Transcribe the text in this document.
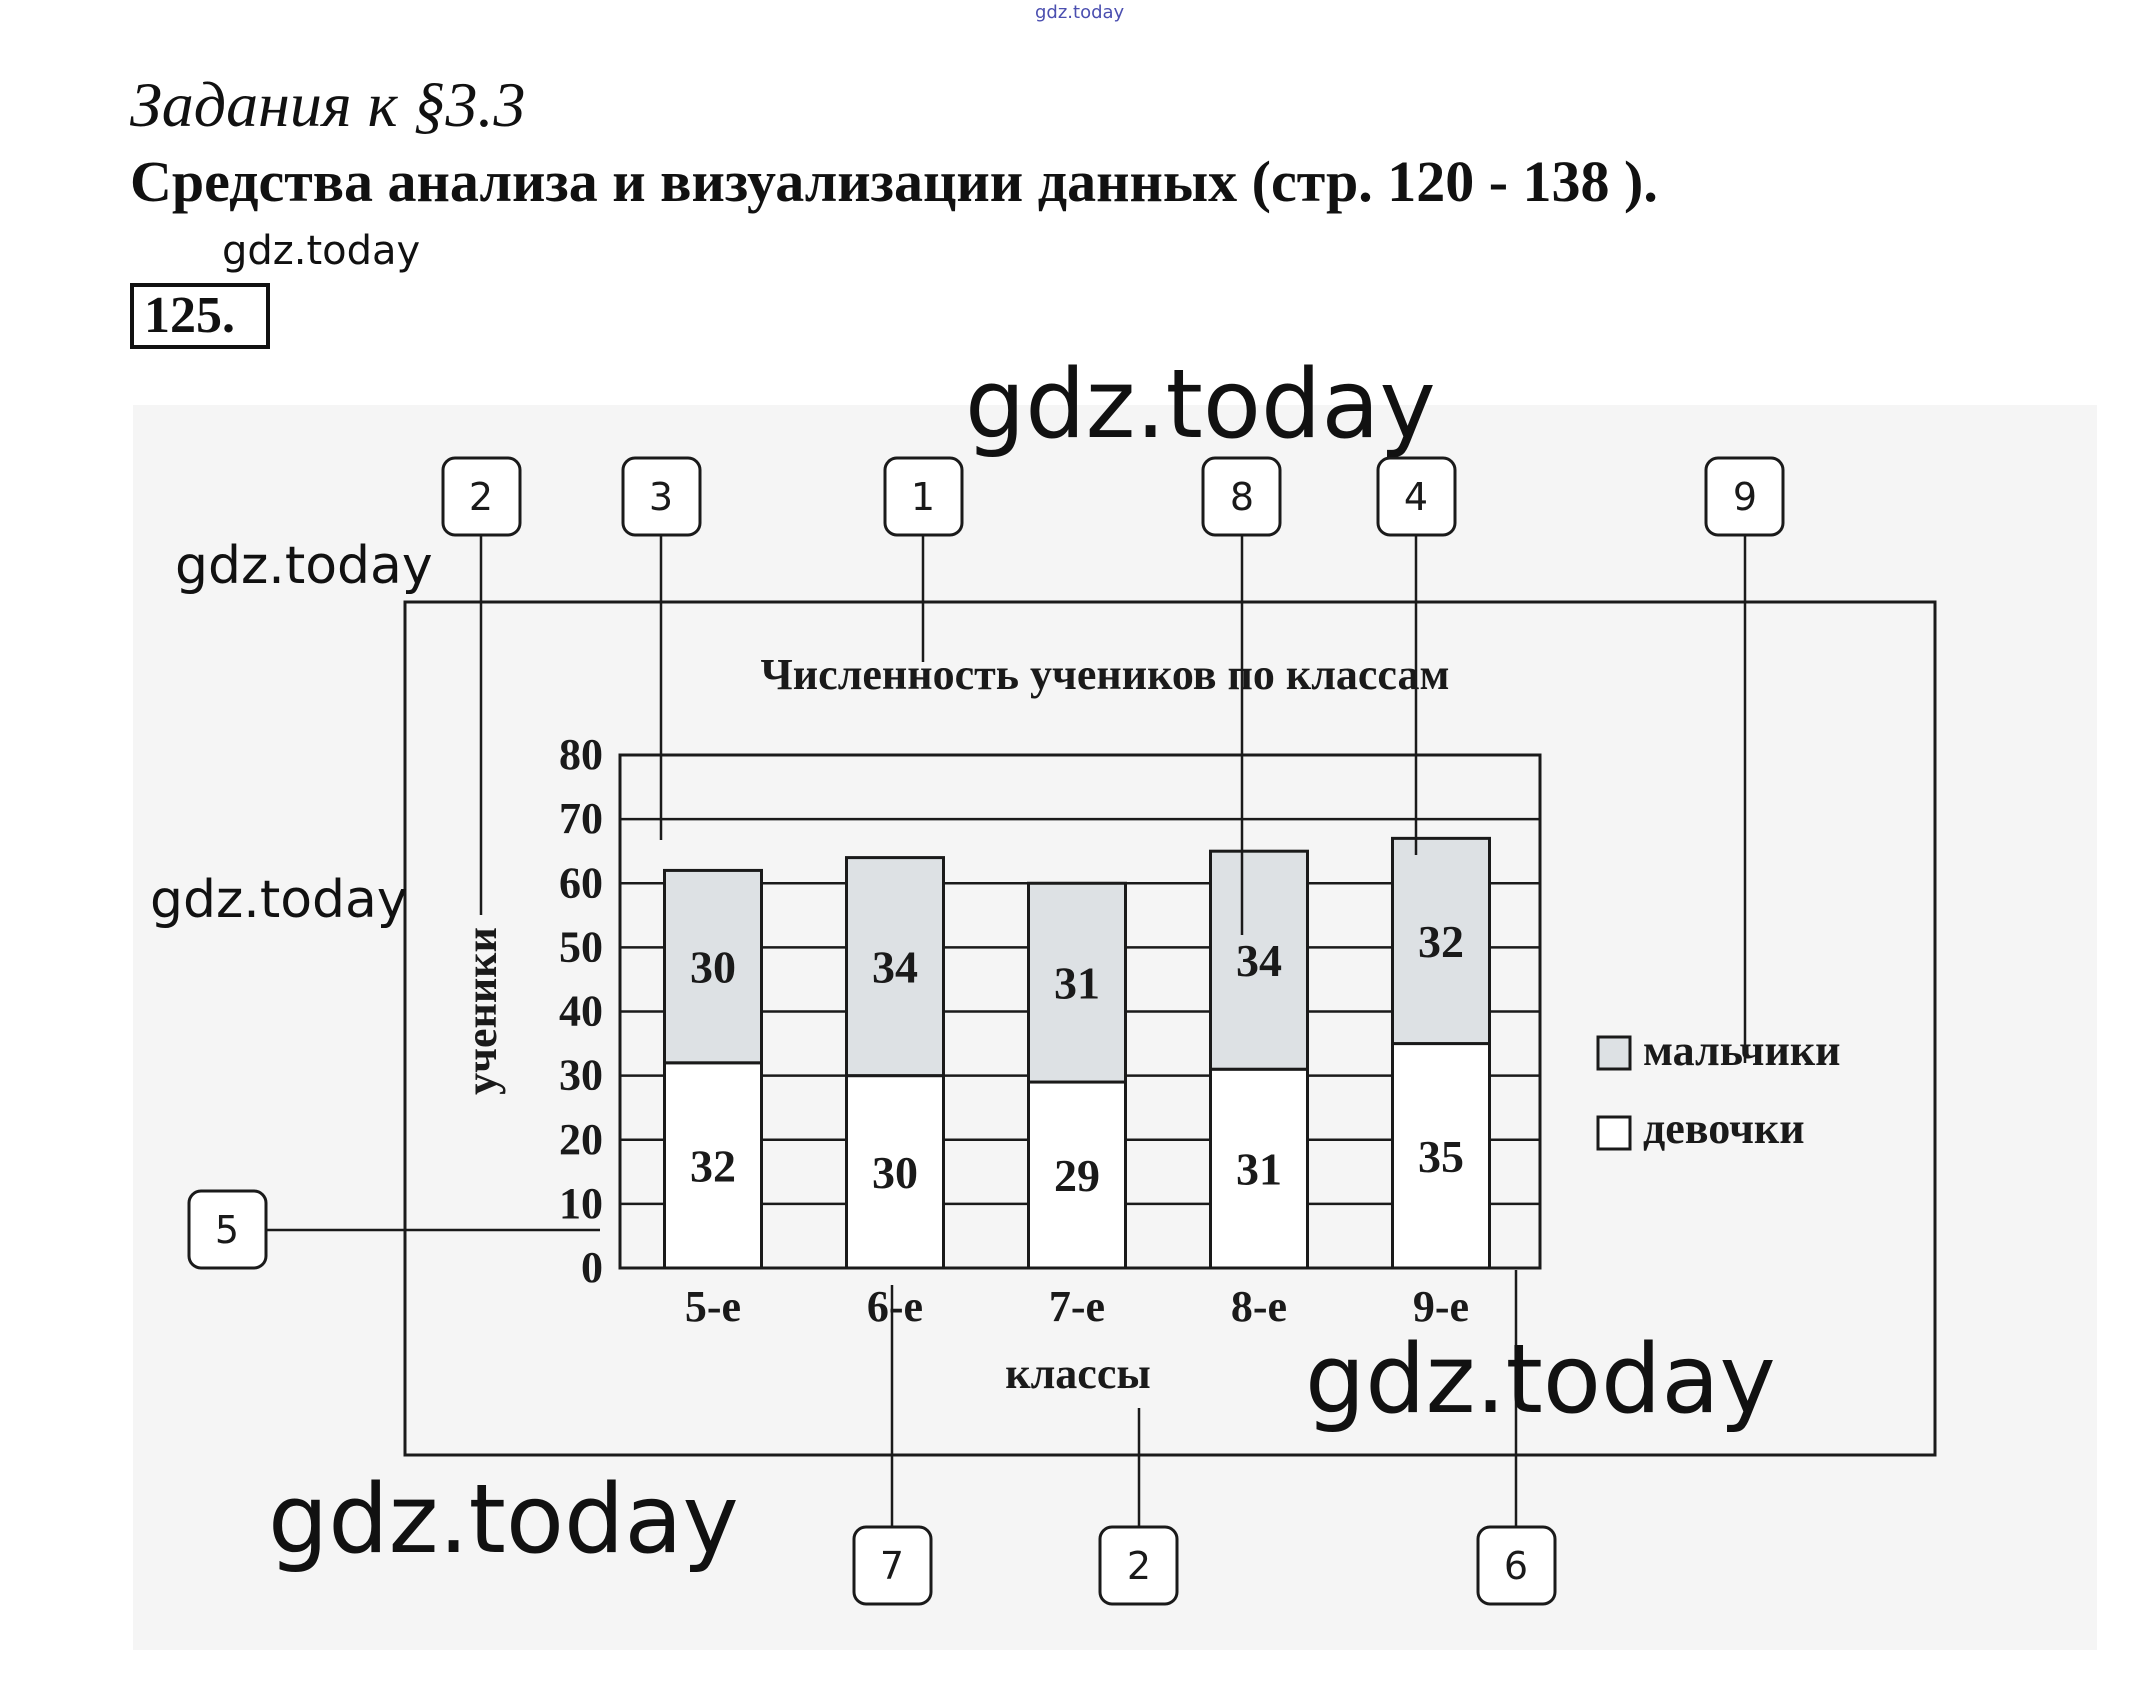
gdz.today
gdz.today
Задания к §3.3
Средства анализа и визуализации данных (стр. 120 - 138 ).
125.
32
30
30
34
29
31
31
34
35
32
0
10
20
30
40
50
60
70
80
5-е	6-е	7-е	8-е	9-е
Численность учеников по классам
классы
ученики	мальчики
девочки
2	3	1	8	4	9
5
7	2	6
gdz.today
gdz.today
gdz.today
gdz.today
gdz.today
